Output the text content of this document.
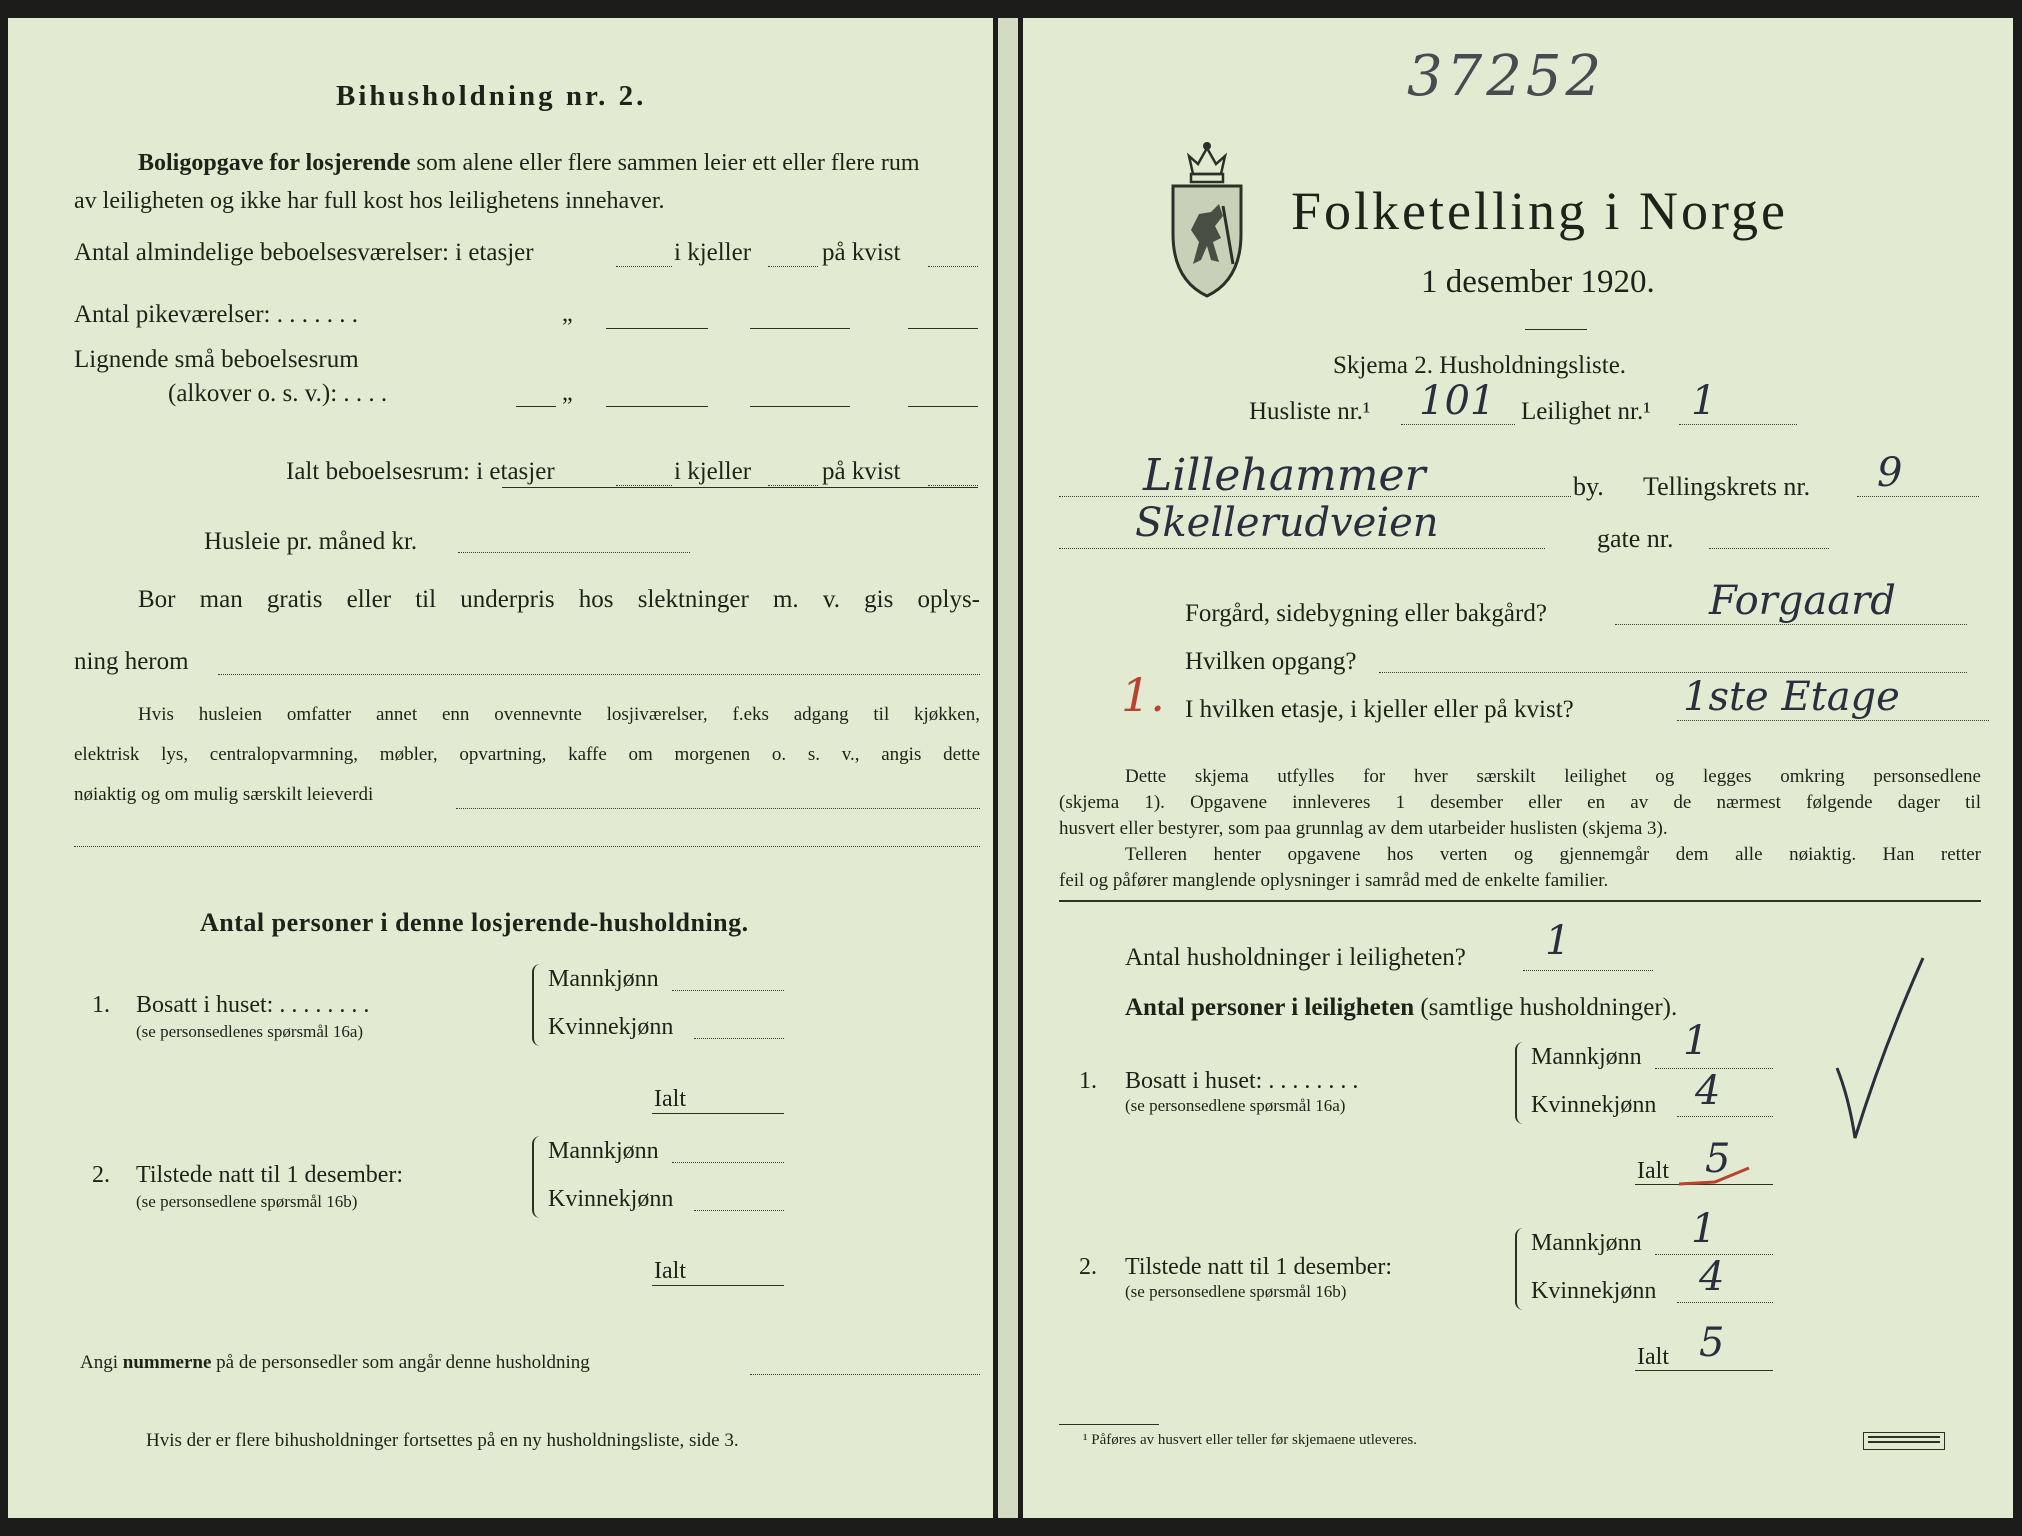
Bihusholdning nr. 2.
Boligopgave for losjerende som alene eller flere sammen leier ett eller flere rum
av leiligheten og ikke har full kost hos leilighetens innehaver.
Antal almindelige beboelsesværelser: i etasjer	i kjeller	på kvist
Antal pikeværelser: . . . . . . .	„
Lignende små beboelsesrum
(alkover o. s. v.): . . . .	„
Ialt beboelsesrum: i etasjer	i kjeller	på kvist
Husleie pr. måned kr.
Bor man gratis eller til underpris hos slektninger m. v. gis oplys-
ning herom
Hvis husleien omfatter annet enn ovennevnte losjiværelser, f.eks adgang til kjøkken,
elektrisk lys, centralopvarmning, møbler, opvartning, kaffe om morgenen o. s. v., angis dette
nøiaktig og om mulig særskilt leieverdi
Antal personer i denne losjerende-husholdning.
1. Bosatt i huset: . . . . . . . .
(se personsedlenes spørsmål 16a)
Mannkjønn
Kvinnekjønn
Ialt
2. Tilstede natt til 1 desember:
(se personsedlene spørsmål 16b)
Mannkjønn
Kvinnekjønn
Ialt
Angi nummerne på de personsedler som angår denne husholdning
Hvis der er flere bihusholdninger fortsettes på en ny husholdningsliste, side 3.
37252
Folketelling i Norge
1 desember 1920.
Skjema 2. Husholdningsliste.
Husliste nr.¹ 101 Leilighet nr.¹ 1
Lillehammer	by. Tellingskrets nr. 9
Skellerudveien	gate nr.
Forgård, sidebygning eller bakgård?	Forgaard
Hvilken opgang?
1. I hvilken etasje, i kjeller eller på kvist?	1ste Etage
Dette skjema utfylles for hver særskilt leilighet og legges omkring personsedlene
(skjema 1). Opgavene innleveres 1 desember eller en av de nærmest følgende dager til
husvert eller bestyrer, som paa grunnlag av dem utarbeider huslisten (skjema 3).
Telleren henter opgavene hos verten og gjennemgår dem alle nøiaktig. Han retter
feil og påfører manglende oplysninger i samråd med de enkelte familier.
Antal husholdninger i leiligheten? 1
Antal personer i leiligheten (samtlige husholdninger).
1. Bosatt i huset: . . . . . . . .
(se personsedlene spørsmål 16a)
Mannkjønn 1
Kvinnekjønn 4
Ialt 5
2. Tilstede natt til 1 desember:
(se personsedlene spørsmål 16b)
Mannkjønn 1
Kvinnekjønn 4
Ialt 5
¹ Påføres av husvert eller teller før skjemaene utleveres.
